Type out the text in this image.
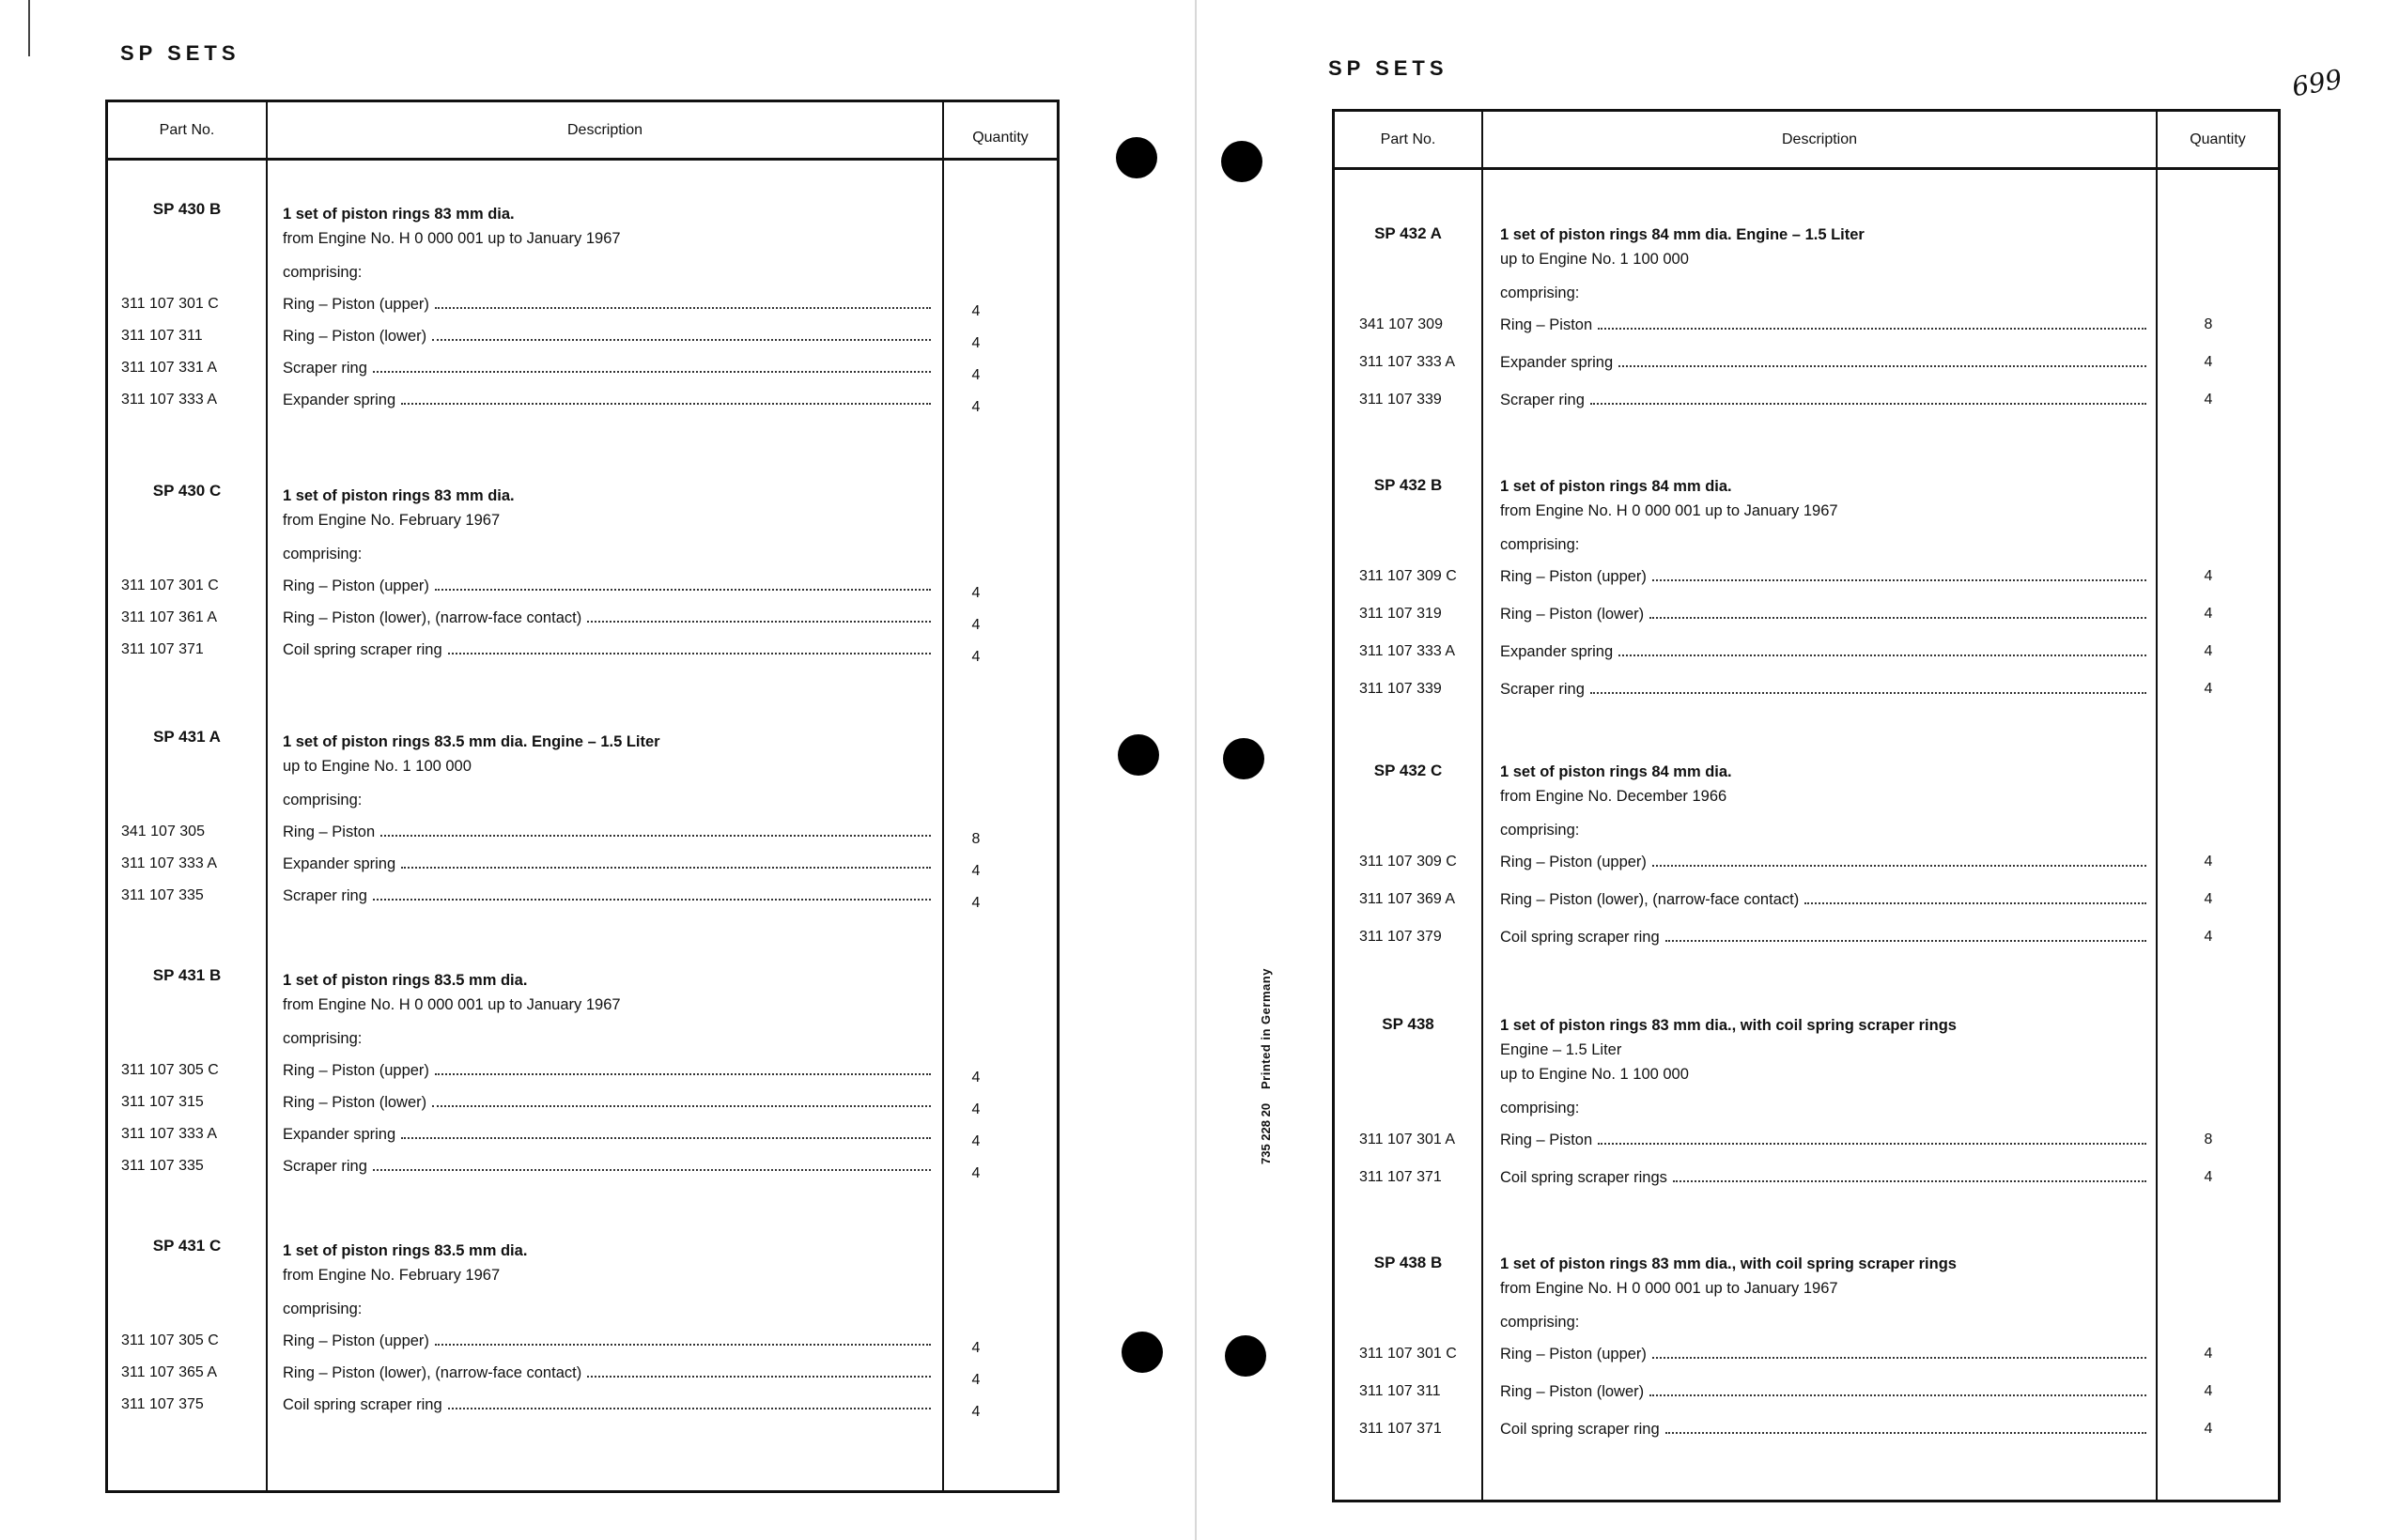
Printed in Germany
735 228 20
SP SETS
Part No.	Description	Quantity
SP 430 B	1 set of piston rings 83 mm dia.
from Engine No. H 0 000 001 up to January 1967
comprising:
311 107 301 C	Ring – Piston (upper)	4
311 107 311	Ring – Piston (lower)	4
311 107 331 A	Scraper ring	4
311 107 333 A	Expander spring	4
SP 430 C	1 set of piston rings 83 mm dia.
from Engine No. February 1967
comprising:
311 107 301 C	Ring – Piston (upper)	4
311 107 361 A	Ring – Piston (lower), (narrow-face contact)	4
311 107 371	Coil spring scraper ring	4
SP 431 A	1 set of piston rings 83.5 mm dia. Engine – 1.5 Liter
up to Engine No. 1 100 000
comprising:
341 107 305	Ring – Piston	8
311 107 333 A	Expander spring	4
311 107 335	Scraper ring	4
SP 431 B	1 set of piston rings 83.5 mm dia.
from Engine No. H 0 000 001 up to January 1967
comprising:
311 107 305 C	Ring – Piston (upper)	4
311 107 315	Ring – Piston (lower)	4
311 107 333 A	Expander spring	4
311 107 335	Scraper ring	4
SP 431 C	1 set of piston rings 83.5 mm dia.
from Engine No. February 1967
comprising:
311 107 305 C	Ring – Piston (upper)	4
311 107 365 A	Ring – Piston (lower), (narrow-face contact)	4
311 107 375	Coil spring scraper ring	4
SP SETS	699
Part No.	Description	Quantity
SP 432 A	1 set of piston rings 84 mm dia. Engine – 1.5 Liter
up to Engine No. 1 100 000
comprising:
341 107 309	Ring – Piston	8
311 107 333 A	Expander spring	4
311 107 339	Scraper ring	4
SP 432 B	1 set of piston rings 84 mm dia.
from Engine No. H 0 000 001 up to January 1967
comprising:
311 107 309 C	Ring – Piston (upper)	4
311 107 319	Ring – Piston (lower)	4
311 107 333 A	Expander spring	4
311 107 339	Scraper ring	4
SP 432 C	1 set of piston rings 84 mm dia.
from Engine No. December 1966
comprising:
311 107 309 C	Ring – Piston (upper)	4
311 107 369 A	Ring – Piston (lower), (narrow-face contact)	4
311 107 379	Coil spring scraper ring	4
SP 438	1 set of piston rings 83 mm dia., with coil spring scraper rings
Engine – 1.5 Liter
up to Engine No. 1 100 000
comprising:
311 107 301 A	Ring – Piston	8
311 107 371	Coil spring scraper rings	4
SP 438 B	1 set of piston rings 83 mm dia., with coil spring scraper rings
from Engine No. H 0 000 001 up to January 1967
comprising:
311 107 301 C	Ring – Piston (upper)	4
311 107 311	Ring – Piston (lower)	4
311 107 371	Coil spring scraper ring	4
